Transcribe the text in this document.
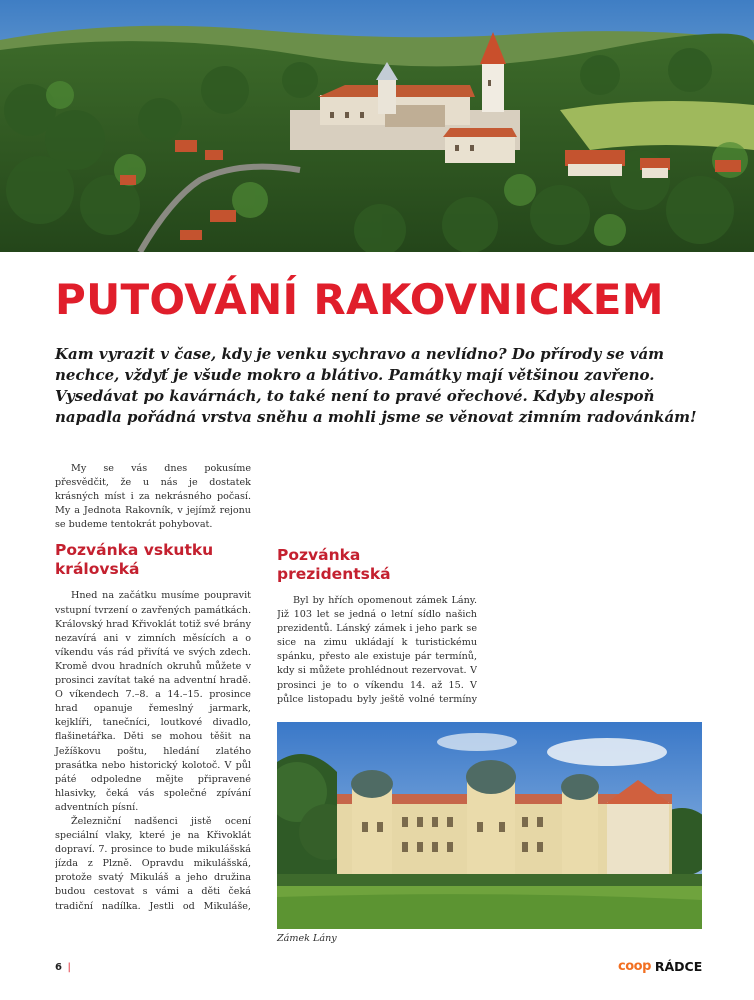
PUTOVÁNÍ RAKOVNICKEM

Kam vyrazit v čase, kdy je venku sychravo a nevlídno? Do přírody se vám nechce, vždyť je všude mokro a blátivo. Památky mají většinou zavřeno. Vysedávat po kavárnách, to také není to pravé ořechové. Kdyby alespoň napadla pořádná vrstva sněhu a mohli jsme se věnovat zimním radovánkám!

My se vás dnes pokusíme přesvědčit, že u nás je dostatek krásných míst i za nekrásného počasí. My a Jednota Rakovník, v jejímž rejonu se budeme tentokrát pohybovat.

Pozvánka vskutku královská

Hned na začátku musíme poupravit vstupní tvrzení o zavřených památkách. Královský hrad Křivoklát totiž své brány nezavírá ani v zimních měsících a o víkendu vás rád přivítá ve svých zdech. Kromě dvou hradních okruhů můžete v prosinci zavítat také na adventní hradě. O víkendech 7.–8. a 14.–15. prosince hrad opanuje řemeslný jarmark, kejklíři, tanečníci, loutkové divadlo, flašinetářka. Děti se mohou těšit na Ježíškovu poštu, hledání zlatého prasátka nebo historický kolotoč. V půl páté odpoledne mějte připravené hlasivky, čeká vás společné zpívání adventních písní.

Železniční nadšenci jistě ocení speciální vlaky, které je na Křivoklát dopraví. 7. prosince to bude mikulášská jízda z Plzně. Opravdu mikulášská, protože svatý Mikuláš a jeho družina budou cestovat s vámi a děti čeká tradiční nadílka. Jestli od Mikuláše,

Pozvánka prezidentská

Byl by hřích opomenout zámek Lány. Již 103 let se jedná o letní sídlo našich prezidentů. Lánský zámek i jeho park se sice na zimu ukládají k turistickému spánku, přesto ale existuje pár termínů, kdy si můžete prohlédnout rezervovat. V prosinci je to o víkendu 14. až 15. V půlce listopadu byly ještě volné termíny

Zámek Lány

6 |	coop RÁDCE
